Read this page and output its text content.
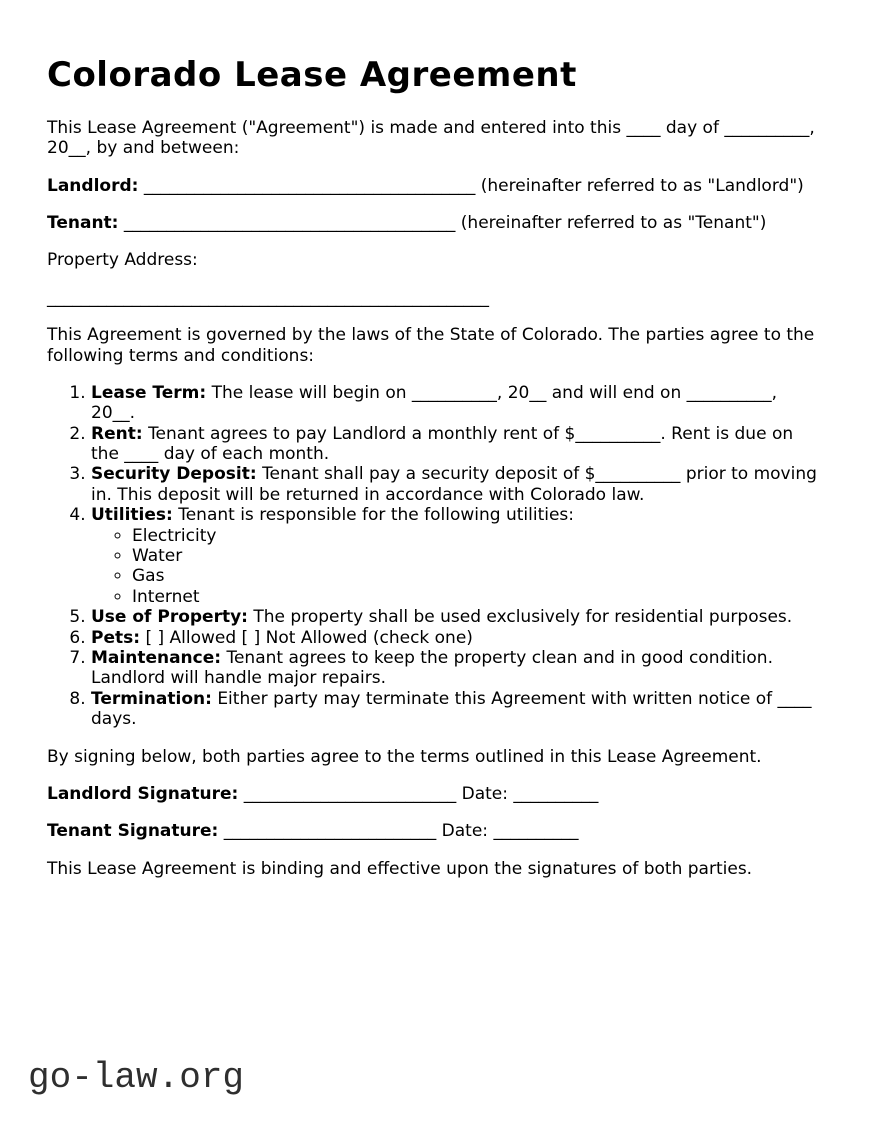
Colorado Lease Agreement

This Lease Agreement ("Agreement") is made and entered into this ____ day of __________, 20__, by and between:

Landlord: _______________________________________ (hereinafter referred to as "Landlord")

Tenant: _______________________________________ (hereinafter referred to as "Tenant")

Property Address:

____________________________________________________

This Agreement is governed by the laws of the State of Colorado. The parties agree to the following terms and conditions:

1. Lease Term: The lease will begin on __________, 20__ and will end on __________, 20__.
2. Rent: Tenant agrees to pay Landlord a monthly rent of $__________. Rent is due on the ____ day of each month.
3. Security Deposit: Tenant shall pay a security deposit of $__________ prior to moving in. This deposit will be returned in accordance with Colorado law.
4. Utilities: Tenant is responsible for the following utilities:
◦ Electricity
◦ Water
◦ Gas
◦ Internet
5. Use of Property: The property shall be used exclusively for residential purposes.
6. Pets: [ ] Allowed [ ] Not Allowed (check one)
7. Maintenance: Tenant agrees to keep the property clean and in good condition. Landlord will handle major repairs.
8. Termination: Either party may terminate this Agreement with written notice of ____ days.

By signing below, both parties agree to the terms outlined in this Lease Agreement.

Landlord Signature: _________________________ Date: __________

Tenant Signature: _________________________ Date: __________

This Lease Agreement is binding and effective upon the signatures of both parties.

go-law.org
